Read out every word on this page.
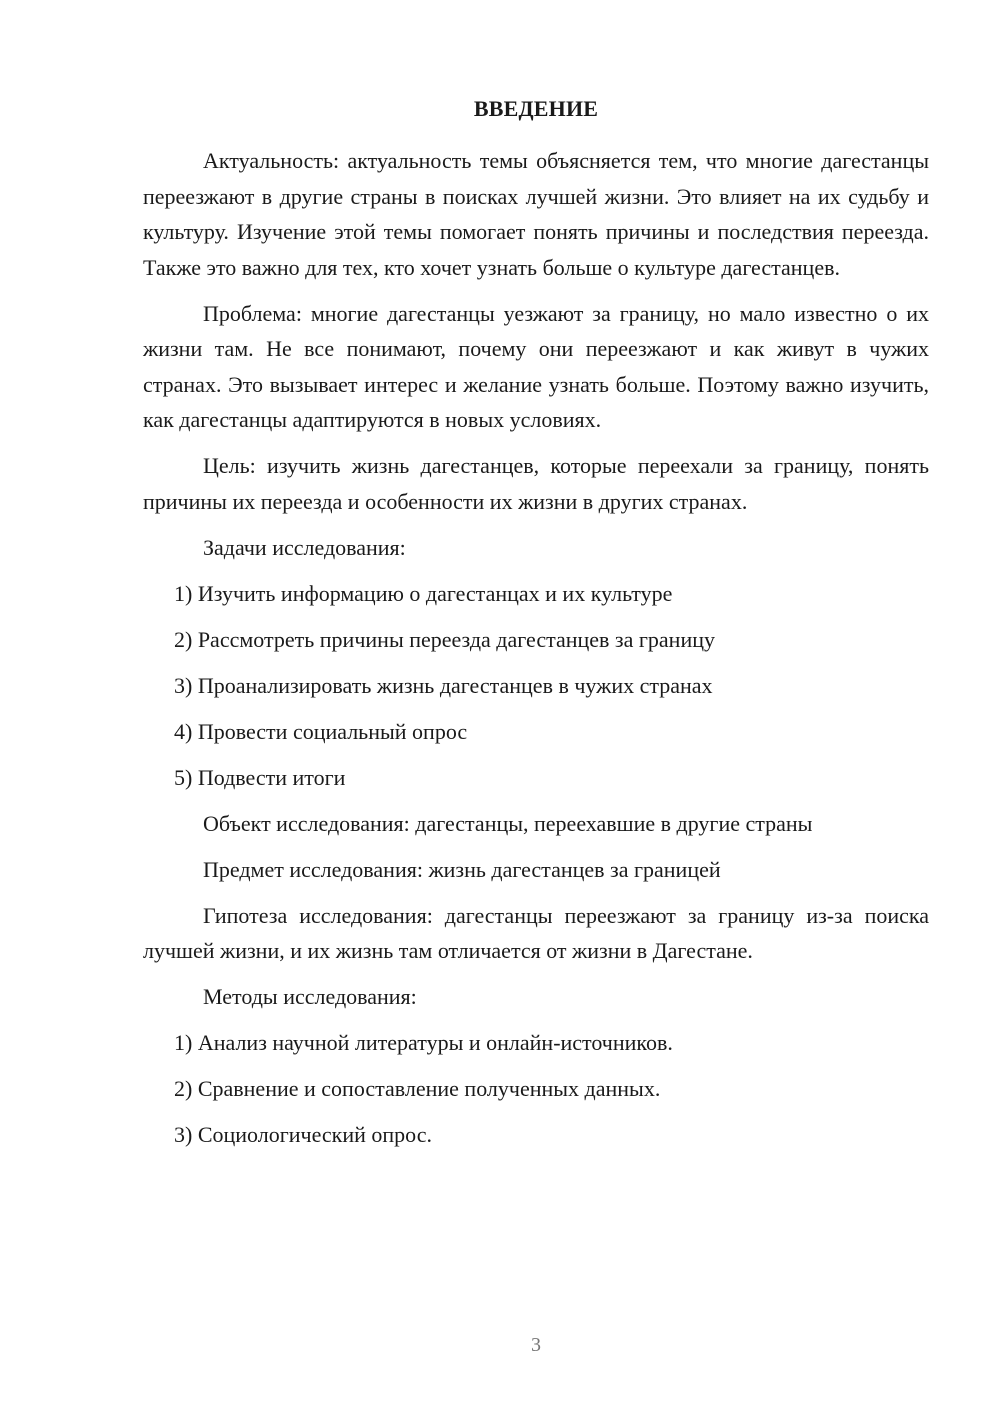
ВВЕДЕНИЕ

Актуальность: актуальность темы объясняется тем, что многие дагестанцы переезжают в другие страны в поисках лучшей жизни. Это влияет на их судьбу и культуру. Изучение этой темы помогает понять причины и последствия переезда. Также это важно для тех, кто хочет узнать больше о культуре дагестанцев.

Проблема: многие дагестанцы уезжают за границу, но мало известно о их жизни там. Не все понимают, почему они переезжают и как живут в чужих странах. Это вызывает интерес и желание узнать больше. Поэтому важно изучить, как дагестанцы адаптируются в новых условиях.

Цель: изучить жизнь дагестанцев, которые переехали за границу, понять причины их переезда и особенности их жизни в других странах.

Задачи исследования:
1) Изучить информацию о дагестанцах и их культуре
2) Рассмотреть причины переезда дагестанцев за границу
3) Проанализировать жизнь дагестанцев в чужих странах
4) Провести социальный опрос
5) Подвести итоги
Объект исследования: дагестанцы, переехавшие в другие страны
Предмет исследования: жизнь дагестанцев за границей

Гипотеза исследования: дагестанцы переезжают за границу из-за поиска лучшей жизни, и их жизнь там отличается от жизни в Дагестане.

Методы исследования:
1) Анализ научной литературы и онлайн-источников.
2) Сравнение и сопоставление полученных данных.
3) Социологический опрос.
3
